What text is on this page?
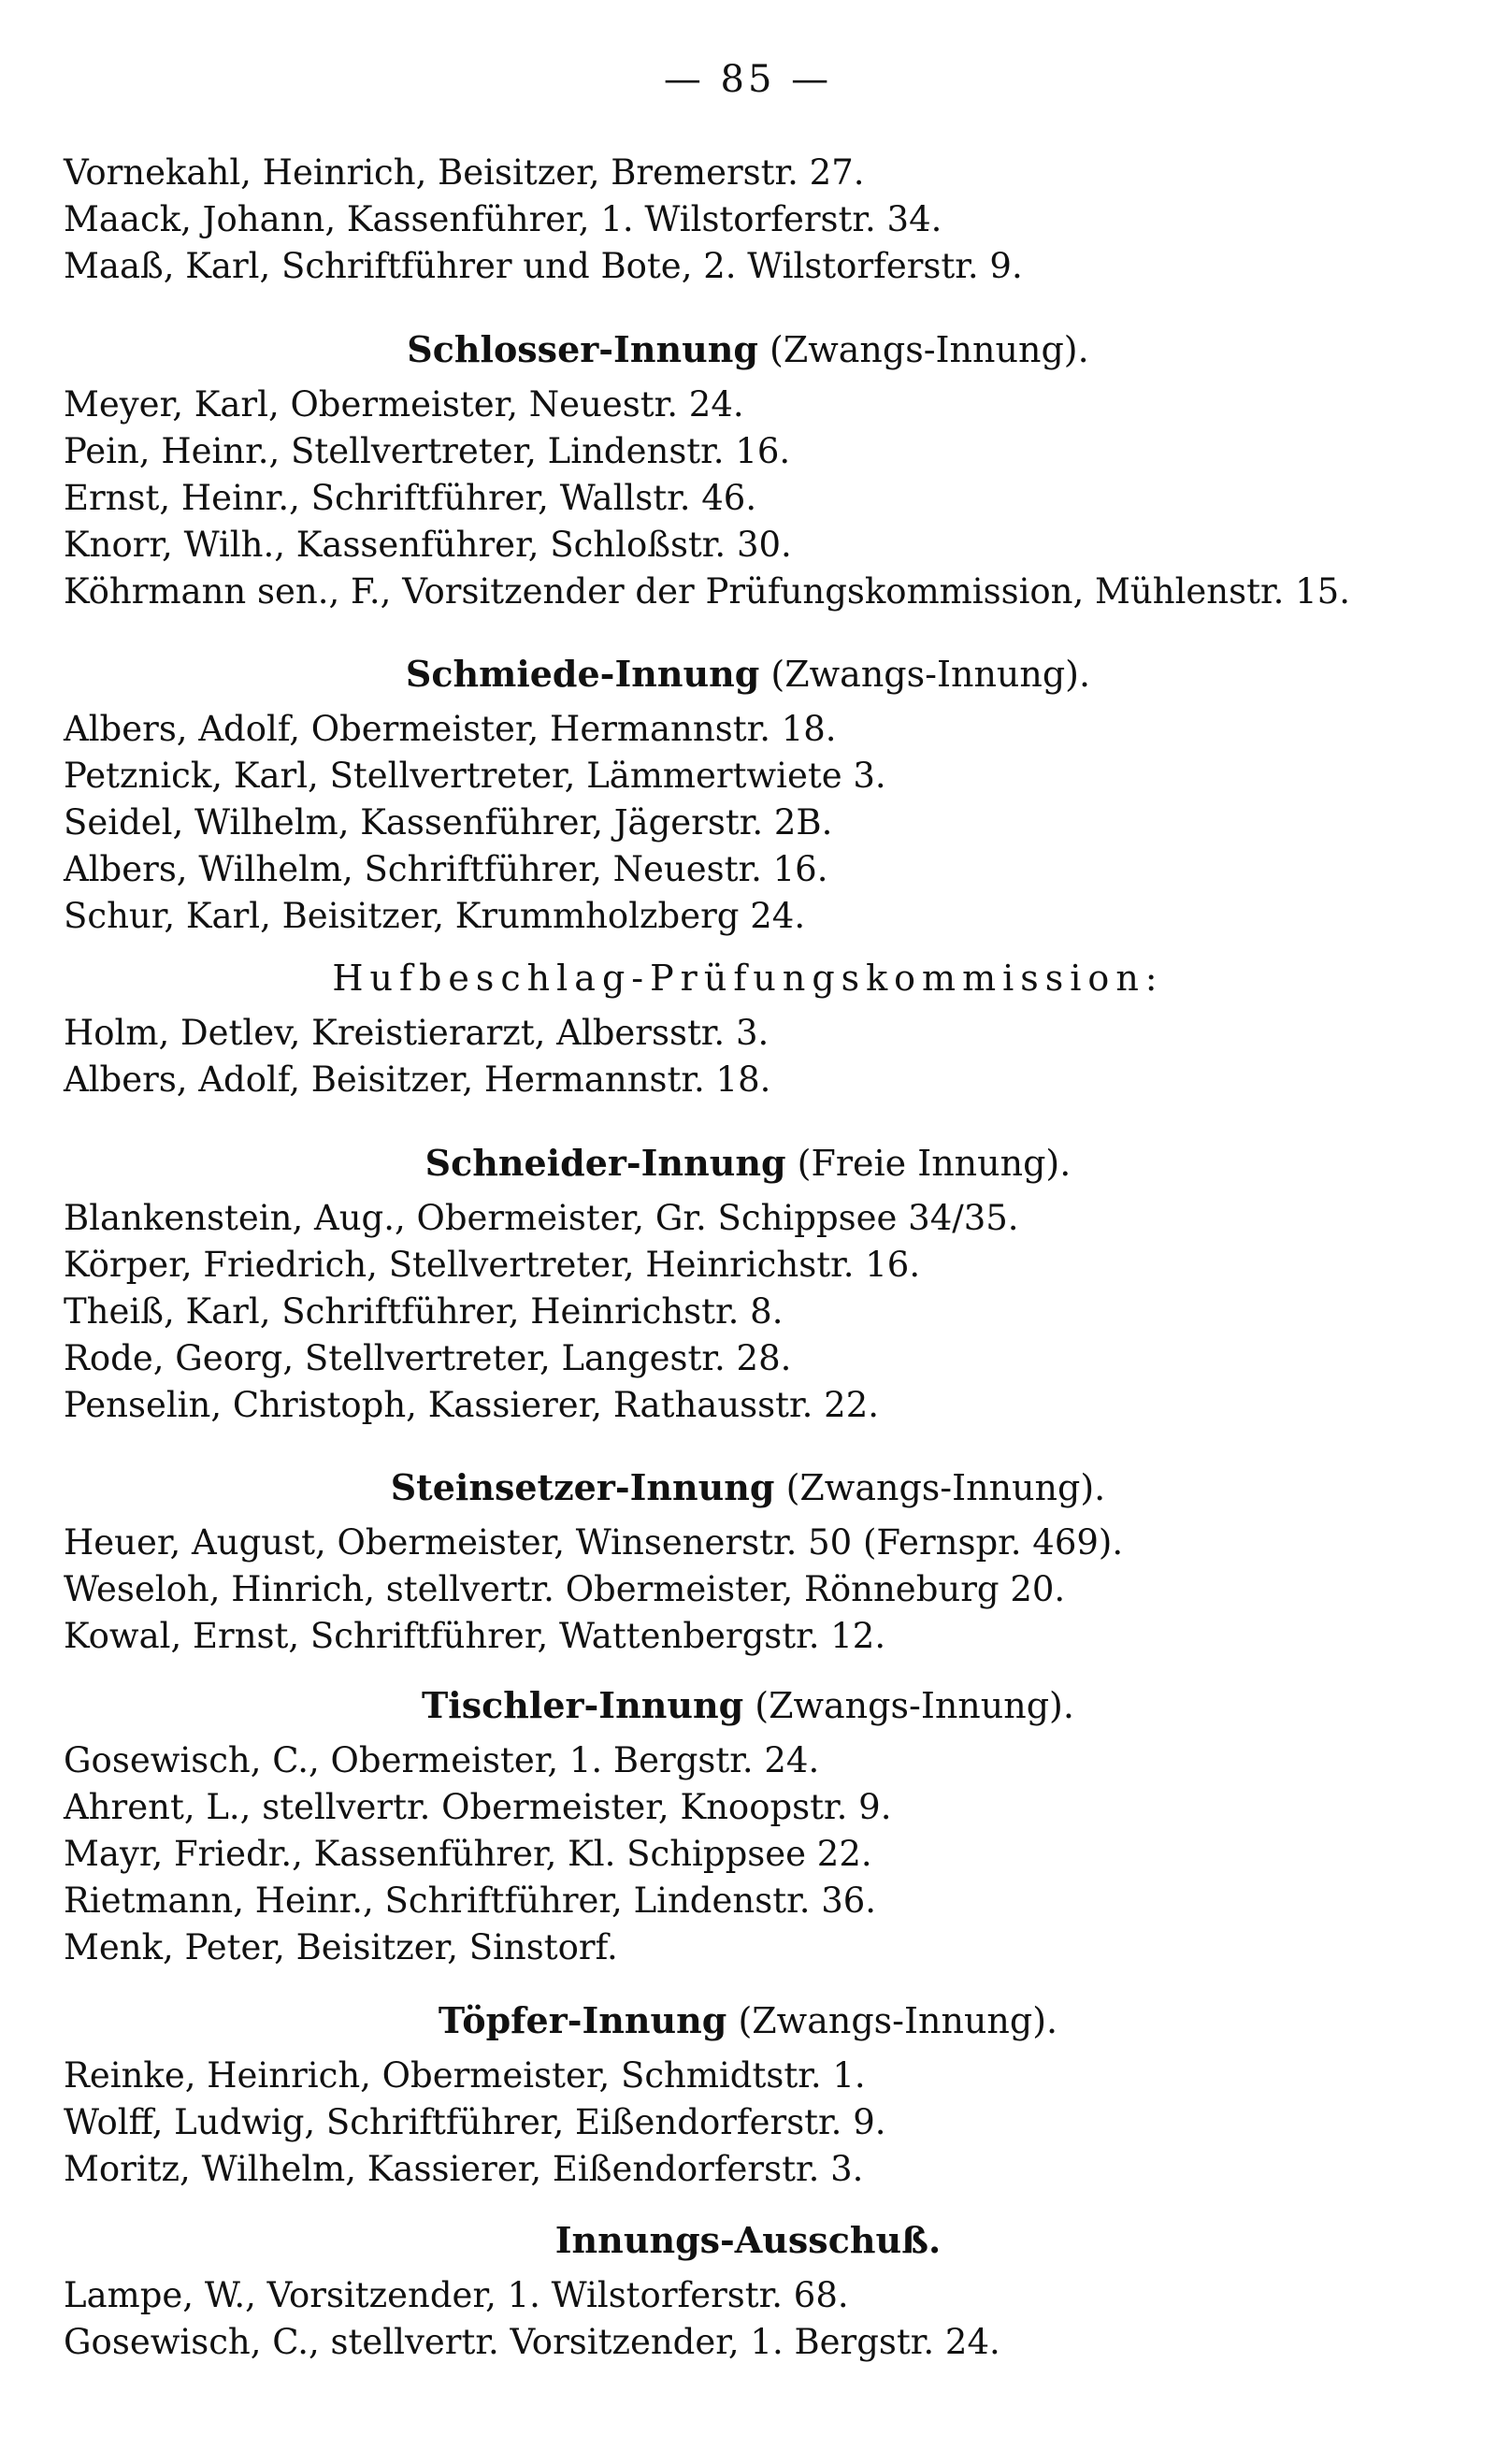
— 85 —
Vornekahl, Heinrich, Beisitzer, Bremerstr. 27.
Maack, Johann, Kassenführer, 1. Wilstorferstr. 34.
Maaß, Karl, Schriftführer und Bote, 2. Wilstorferstr. 9.
Schlosser-Innung (Zwangs-Innung).
Meyer, Karl, Obermeister, Neuestr. 24.
Pein, Heinr., Stellvertreter, Lindenstr. 16.
Ernst, Heinr., Schriftführer, Wallstr. 46.
Knorr, Wilh., Kassenführer, Schloßstr. 30.
Köhrmann sen., F., Vorsitzender der Prüfungskommission, Mühlenstr. 15.
Schmiede-Innung (Zwangs-Innung).
Albers, Adolf, Obermeister, Hermannstr. 18.
Petznick, Karl, Stellvertreter, Lämmertwiete 3.
Seidel, Wilhelm, Kassenführer, Jägerstr. 2B.
Albers, Wilhelm, Schriftführer, Neuestr. 16.
Schur, Karl, Beisitzer, Krummholzberg 24.
Hufbeschlag-Prüfungskommission:
Holm, Detlev, Kreistierarzt, Albersstr. 3.
Albers, Adolf, Beisitzer, Hermannstr. 18.
Schneider-Innung (Freie Innung).
Blankenstein, Aug., Obermeister, Gr. Schippsee 34/35.
Körper, Friedrich, Stellvertreter, Heinrichstr. 16.
Theiß, Karl, Schriftführer, Heinrichstr. 8.
Rode, Georg, Stellvertreter, Langestr. 28.
Penselin, Christoph, Kassierer, Rathausstr. 22.
Steinsetzer-Innung (Zwangs-Innung).
Heuer, August, Obermeister, Winsenerstr. 50 (Fernspr. 469).
Weseloh, Hinrich, stellvertr. Obermeister, Rönneburg 20.
Kowal, Ernst, Schriftführer, Wattenbergstr. 12.
Tischler-Innung (Zwangs-Innung).
Gosewisch, C., Obermeister, 1. Bergstr. 24.
Ahrent, L., stellvertr. Obermeister, Knoopstr. 9.
Mayr, Friedr., Kassenführer, Kl. Schippsee 22.
Rietmann, Heinr., Schriftführer, Lindenstr. 36.
Menk, Peter, Beisitzer, Sinstorf.
Töpfer-Innung (Zwangs-Innung).
Reinke, Heinrich, Obermeister, Schmidtstr. 1.
Wolff, Ludwig, Schriftführer, Eißendorferstr. 9.
Moritz, Wilhelm, Kassierer, Eißendorferstr. 3.
Innungs-Ausschuß.
Lampe, W., Vorsitzender, 1. Wilstorferstr. 68.
Gosewisch, C., stellvertr. Vorsitzender, 1. Bergstr. 24.
